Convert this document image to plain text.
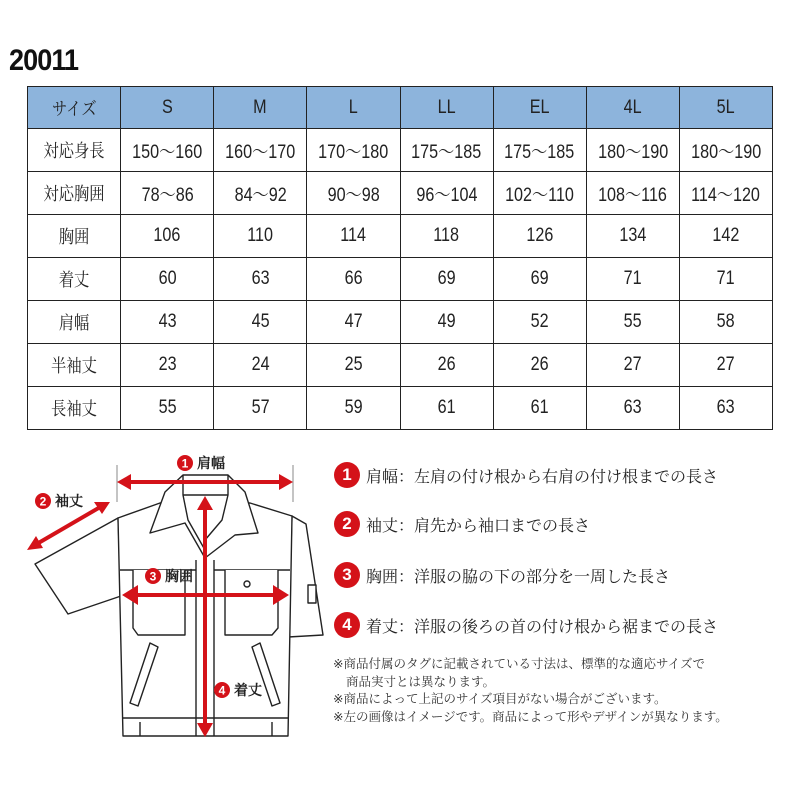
20011
サイズ	S	M	L	LL	EL	4L	5L
対応身長	150〜160	160〜170	170〜180	175〜185	175〜185	180〜190	180〜190
対応胸囲	78〜86	84〜92	90〜98	96〜104	102〜110	108〜116	114〜120
胸囲	106	110	114	118	126	134	142
着丈	60	63	66	69	69	71	71
肩幅	43	45	47	49	52	55	58
半袖丈	23	24	25	26	26	27	27
長袖丈	55	57	59	61	61	63	63
1 肩幅
2 袖丈
3 胸囲
4 着丈
1 肩幅：左肩の付け根から右肩の付け根までの長さ
2 袖丈：肩先から袖口までの長さ
3 胸囲：洋服の脇の下の部分を一周した長さ
4 着丈：洋服の後ろの首の付け根から裾までの長さ
※商品付属のタグに記載されている寸法は、標準的な適応サイズで
商品実寸とは異なります。
※商品によって上記のサイズ項目がない場合がございます。
※左の画像はイメージです。商品によって形やデザインが異なります。
